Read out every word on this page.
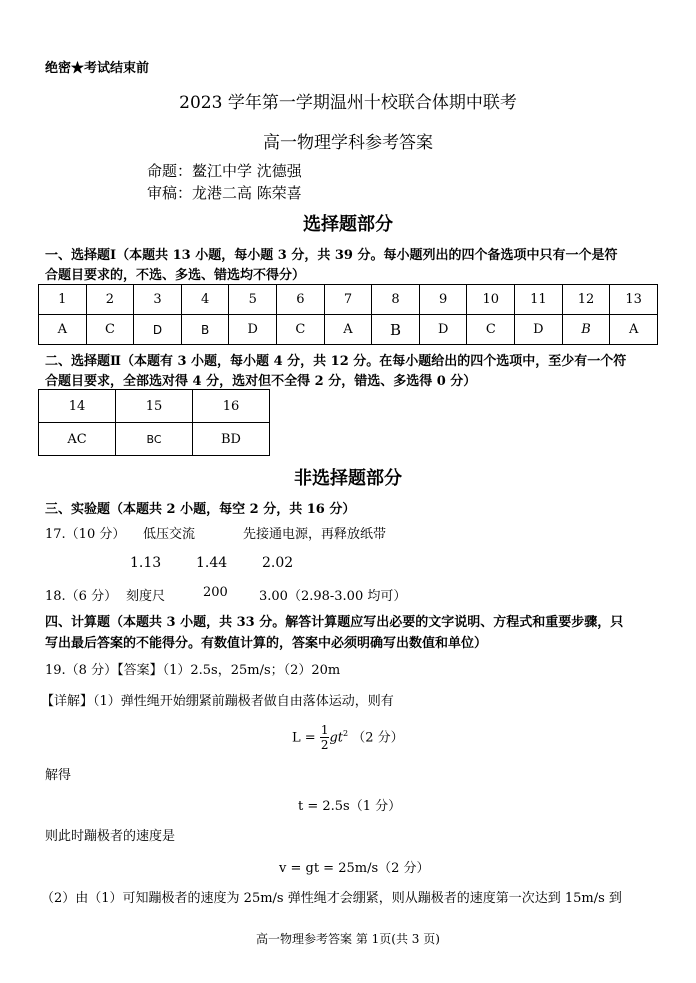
绝密★考试结束前
2023 学年第一学期温州十校联合体期中联考
高一物理学科参考答案
命题：鳌江中学 沈德强
审稿：龙港二高 陈荣喜
选择题部分
一、选择题Ⅰ（本题共 13 小题，每小题 3 分，共 39 分。每小题列出的四个备选项中只有一个是符
合题目要求的，不选、多选、错选均不得分）
1	2	3	4	5	6	7	8	9	10	11	12	13
A	C	D	B	D	C	A	B	D	C	D	B	A
二、选择题Ⅱ（本题有 3 小题，每小题 4 分，共 12 分。在每小题给出的四个选项中，至少有一个符
合题目要求，全部选对得 4 分，选对但不全得 2 分，错选、多选得 0 分）
14	15	16
AC	BC	BD
非选择题部分
三、实验题（本题共 2 小题，每空 2 分，共 16 分）
17.（10 分） 低压交流	先接通电源，再释放纸带
1.13 1.44 2.02
18.（6 分） 刻度尺	200 3.00（2.98-3.00 均可）
四、计算题（本题共 3 小题，共 33 分。解答计算题应写出必要的文字说明、方程式和重要步骤，只
写出最后答案的不能得分。有数值计算的，答案中必须明确写出数值和单位）
19.（8 分）【答案】（1）2.5s，25m/s；（2）20m
【详解】（1）弹性绳开始绷紧前蹦极者做自由落体运动，则有
$L = \frac{1}{2} gt^2$ （2 分）
解得
t = 2.5s（1 分）
则此时蹦极者的速度是
v = gt = 25m/s（2 分）
（2）由（1）可知蹦极者的速度为 25m/s 弹性绳才会绷紧，则从蹦极者的速度第一次达到 15m/s 到
高一物理参考答案 第 1页(共 3 页)
